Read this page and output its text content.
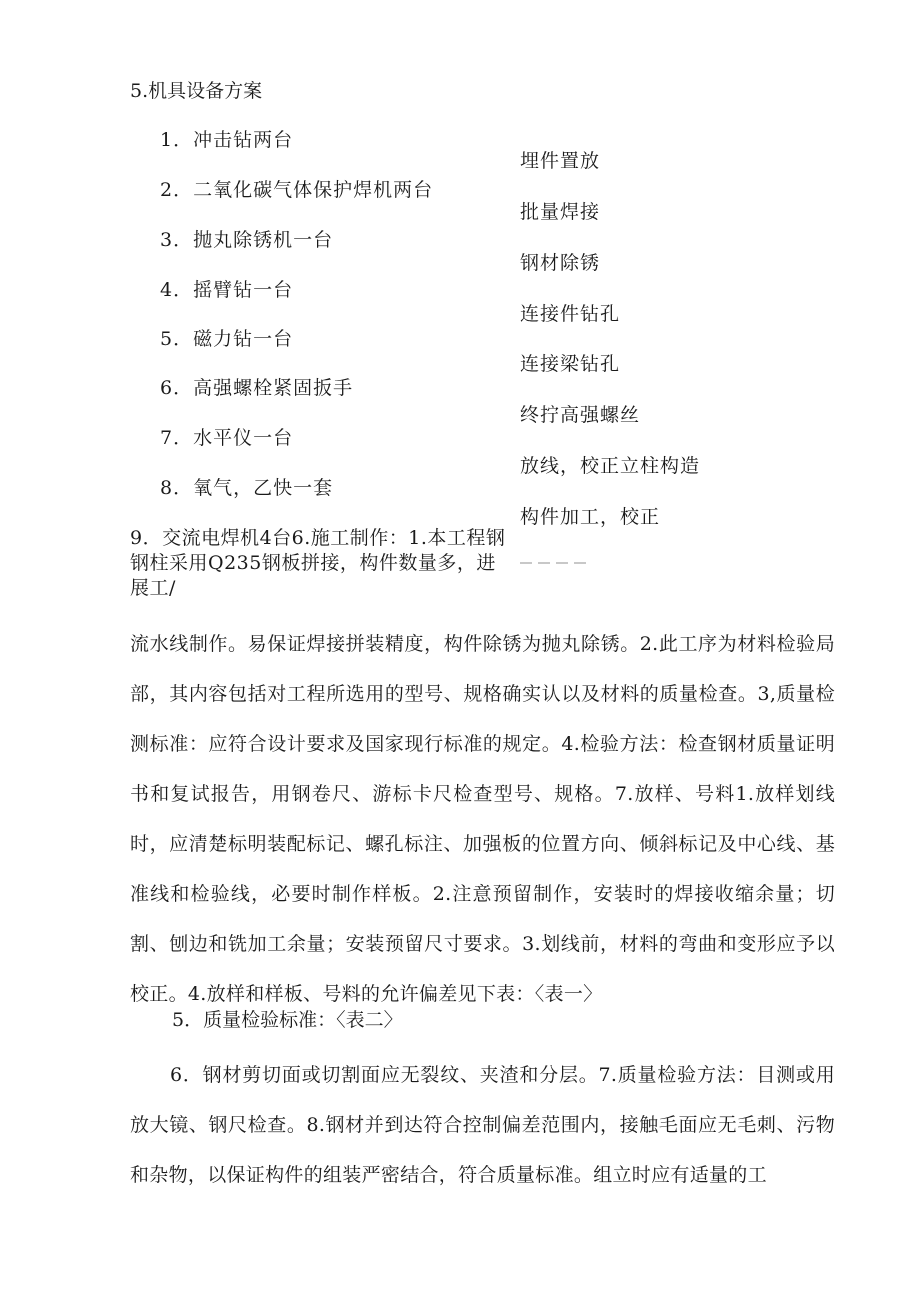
5.机具设备方案
1．冲击钻两台
2．二氧化碳气体保护焊机两台
3．抛丸除锈机一台
4．摇臂钻一台
5．磁力钻一台
6．高强螺栓紧固扳手
7．水平仪一台
8．氧气，乙快一套
埋件置放
批量焊接
钢材除锈
连接件钻孔
连接梁钻孔
终拧高强螺丝
放线，校正立柱构造
构件加工，校正
9．交流电焊机4台6.施工制作：1.本工程钢钢柱采用Q235钢板拼接，构件数量多，进展工/
流水线制作。易保证焊接拼装精度，构件除锈为抛丸除锈。2.此工序为材料检验局部，其内容包括对工程所选用的型号、规格确实认以及材料的质量检查。3,质量检测标准：应符合设计要求及国家现行标准的规定。4.检验方法：检查钢材质量证明书和复试报告，用钢卷尺、游标卡尺检查型号、规格。7.放样、号料1.放样划线时，应清楚标明装配标记、螺孔标注、加强板的位置方向、倾斜标记及中心线、基准线和检验线，必要时制作样板。2.注意预留制作，安装时的焊接收缩余量；切割、刨边和铣加工余量；安装预留尺寸要求。3.划线前，材料的弯曲和变形应予以校正。4.放样和样板、号料的允许偏差见下表：〈表一〉
5．质量检验标准：〈表二〉
6．钢材剪切面或切割面应无裂纹、夹渣和分层。7.质量检验方法：目测或用放大镜、钢尺检查。8.钢材并到达符合控制偏差范围内，接触毛面应无毛刺、污物和杂物，以保证构件的组装严密结合，符合质量标准。组立时应有适量的工
